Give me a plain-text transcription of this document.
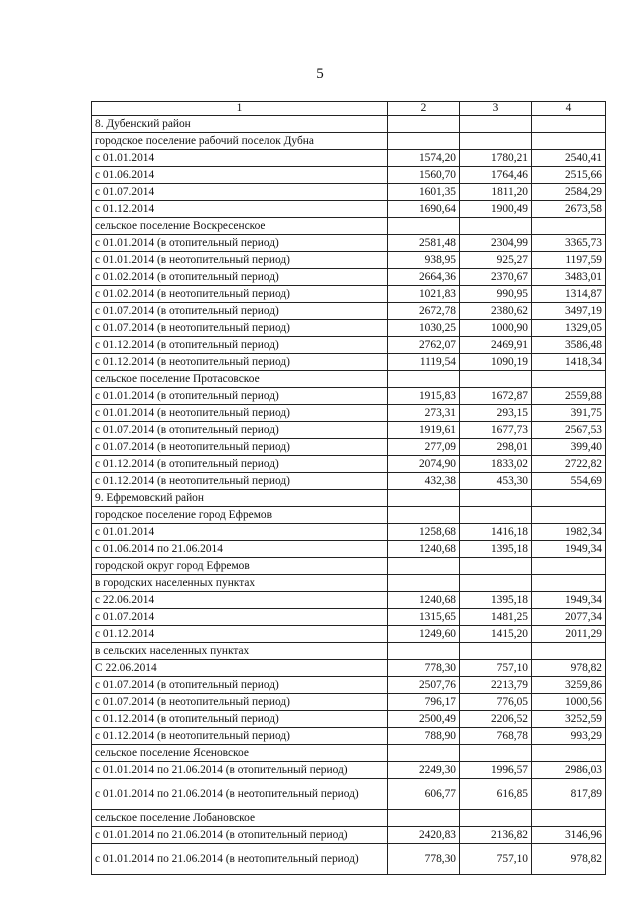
5
1	2	3	4
8. Дубенский район			
городское поселение рабочий поселок Дубна			
с 01.01.2014	1574,20	1780,21	2540,41
с 01.06.2014	1560,70	1764,46	2515,66
с 01.07.2014	1601,35	1811,20	2584,29
с 01.12.2014	1690,64	1900,49	2673,58
сельское поселение Воскресенское			
с 01.01.2014 (в отопительный период)	2581,48	2304,99	3365,73
с 01.01.2014 (в неотопительный период)	938,95	925,27	1197,59
с 01.02.2014 (в отопительный период)	2664,36	2370,67	3483,01
с 01.02.2014 (в неотопительный период)	1021,83	990,95	1314,87
с 01.07.2014 (в отопительный период)	2672,78	2380,62	3497,19
с 01.07.2014 (в неотопительный период)	1030,25	1000,90	1329,05
с 01.12.2014 (в отопительный период)	2762,07	2469,91	3586,48
с 01.12.2014 (в неотопительный период)	1119,54	1090,19	1418,34
сельское поселение Протасовское			
с 01.01.2014 (в отопительный период)	1915,83	1672,87	2559,88
с 01.01.2014 (в неотопительный период)	273,31	293,15	391,75
с 01.07.2014 (в отопительный период)	1919,61	1677,73	2567,53
с 01.07.2014 (в неотопительный период)	277,09	298,01	399,40
с 01.12.2014 (в отопительный период)	2074,90	1833,02	2722,82
с 01.12.2014 (в неотопительный период)	432,38	453,30	554,69
9. Ефремовский район			
городское поселение город Ефремов			
с 01.01.2014	1258,68	1416,18	1982,34
с 01.06.2014 по 21.06.2014	1240,68	1395,18	1949,34
городской округ город Ефремов			
в городских населенных пунктах			
с 22.06.2014	1240,68	1395,18	1949,34
с 01.07.2014	1315,65	1481,25	2077,34
с 01.12.2014	1249,60	1415,20	2011,29
в сельских населенных пунктах			
С 22.06.2014	778,30	757,10	978,82
с 01.07.2014 (в отопительный период)	2507,76	2213,79	3259,86
с 01.07.2014 (в неотопительный период)	796,17	776,05	1000,56
с 01.12.2014 (в отопительный период)	2500,49	2206,52	3252,59
с 01.12.2014 (в неотопительный период)	788,90	768,78	993,29
сельское поселение Ясеновское			
с 01.01.2014 по 21.06.2014 (в отопительный период)	2249,30	1996,57	2986,03
с 01.01.2014 по 21.06.2014 (в неотопительный период)	606,77	616,85	817,89
сельское поселение Лобановское			
с 01.01.2014 по 21.06.2014 (в отопительный период)	2420,83	2136,82	3146,96
с 01.01.2014 по 21.06.2014 (в неотопительный период)	778,30	757,10	978,82
